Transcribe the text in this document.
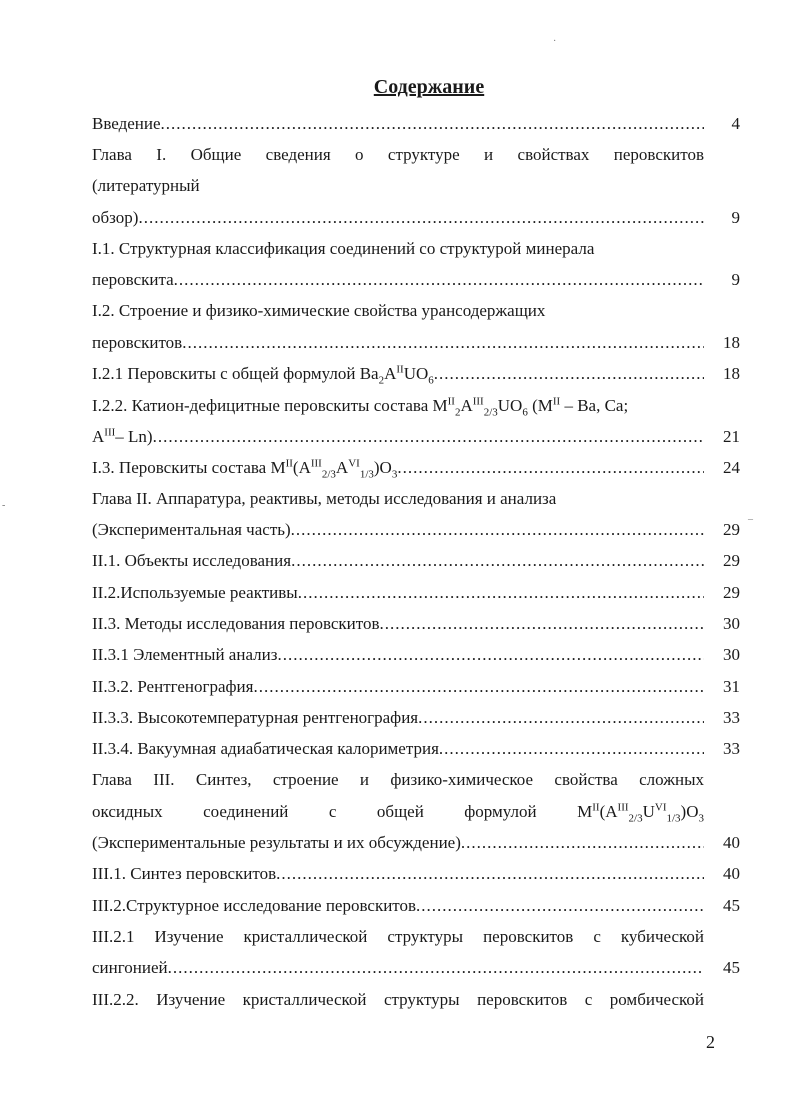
Содержание
Введение .....	4
Глава I. Общие сведения о структуре и свойствах перовскитов
(литературный
обзор) .....	9
I.1. Структурная классификация соединений со структурой минерала
перовскита .....	9
I.2. Строение и физико-химические свойства урансодержащих
перовскитов .....	18
I.2.1 Перовскиты с общей формулой $Ba_2A^{II}UO_6$ .....	18
I.2.2. Катион-дефицитные перовскиты состава $M^{II}_2A^{III}_{2/3}UO_6$ ($M^{II}$ – Ba, Ca;
$A^{III}-$ Ln) .....	21
I.3. Перовскиты состава $M^{II}(A^{III}_{2/3}A^{VI}_{1/3})O_3$ .....	24
Глава II. Аппаратура, реактивы, методы исследования и анализа
(Экспериментальная часть) .....	29
II.1. Объекты исследования .....	29
II.2.Используемые реактивы .....	29
II.3. Методы исследования перовскитов .....	30
II.3.1 Элементный анализ .....	30
II.3.2. Рентгенография .....	31
II.3.3. Высокотемпературная рентгенография .....	33
II.3.4. Вакуумная адиабатическая калориметрия .....	33
Глава III. Синтез, строение и физико-химическое свойства сложных
оксидных соединений с общей формулой $M^{II}(A^{III}_{2/3}U^{VI}_{1/3})O_3$
(Экспериментальные результаты и их обсуждение) .....	40
III.1. Синтез перовскитов .....	40
III.2.Структурное исследование перовскитов .....	45
III.2.1 Изучение кристаллической структуры перовскитов с кубической
сингонией .....	45
III.2.2. Изучение кристаллической структуры перовскитов с ромбической
2
·
-
–
